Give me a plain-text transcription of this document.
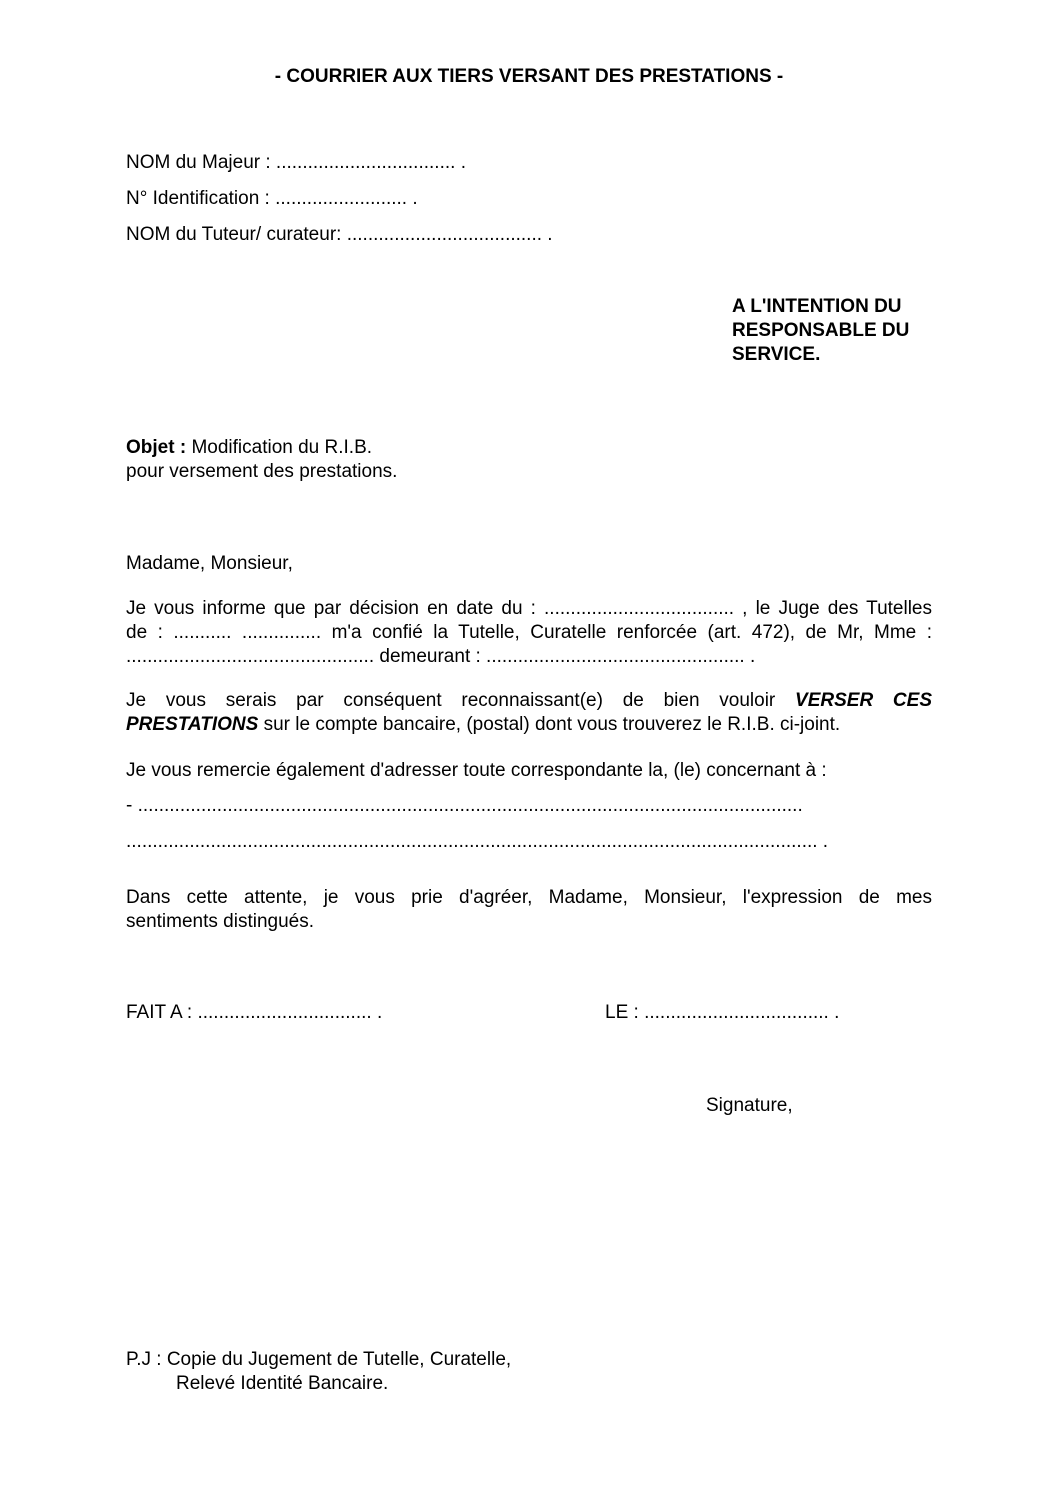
- COURRIER AUX TIERS VERSANT DES PRESTATIONS -
NOM du Majeur : .................................. .
N° Identification : ......................... .
NOM du Tuteur/ curateur: ..................................... .
A L'INTENTION DU
RESPONSABLE DU
SERVICE.
Objet : Modification du R.I.B.
pour versement des prestations.
Madame, Monsieur,
Je vous informe que par décision en date du : .................................... , le Juge des Tutelles
de : ........... ............... m'a confié la Tutelle, Curatelle renforcée (art. 472), de Mr, Mme :
............................................... demeurant : ................................................. .
Je vous serais par conséquent reconnaissant(e) de bien vouloir VERSER CES
PRESTATIONS sur le compte bancaire, (postal) dont vous trouverez le R.I.B. ci-joint.
Je vous remercie également d'adresser toute correspondante la, (le) concernant à :
- ..............................................................................................................................
................................................................................................................................... .
Dans cette attente, je vous prie d'agréer, Madame, Monsieur, l'expression de mes
sentiments distingués.
FAIT A : ................................. .	LE : ................................... .
Signature,
P.J : Copie du Jugement de Tutelle, Curatelle,
Relevé Identité Bancaire.
